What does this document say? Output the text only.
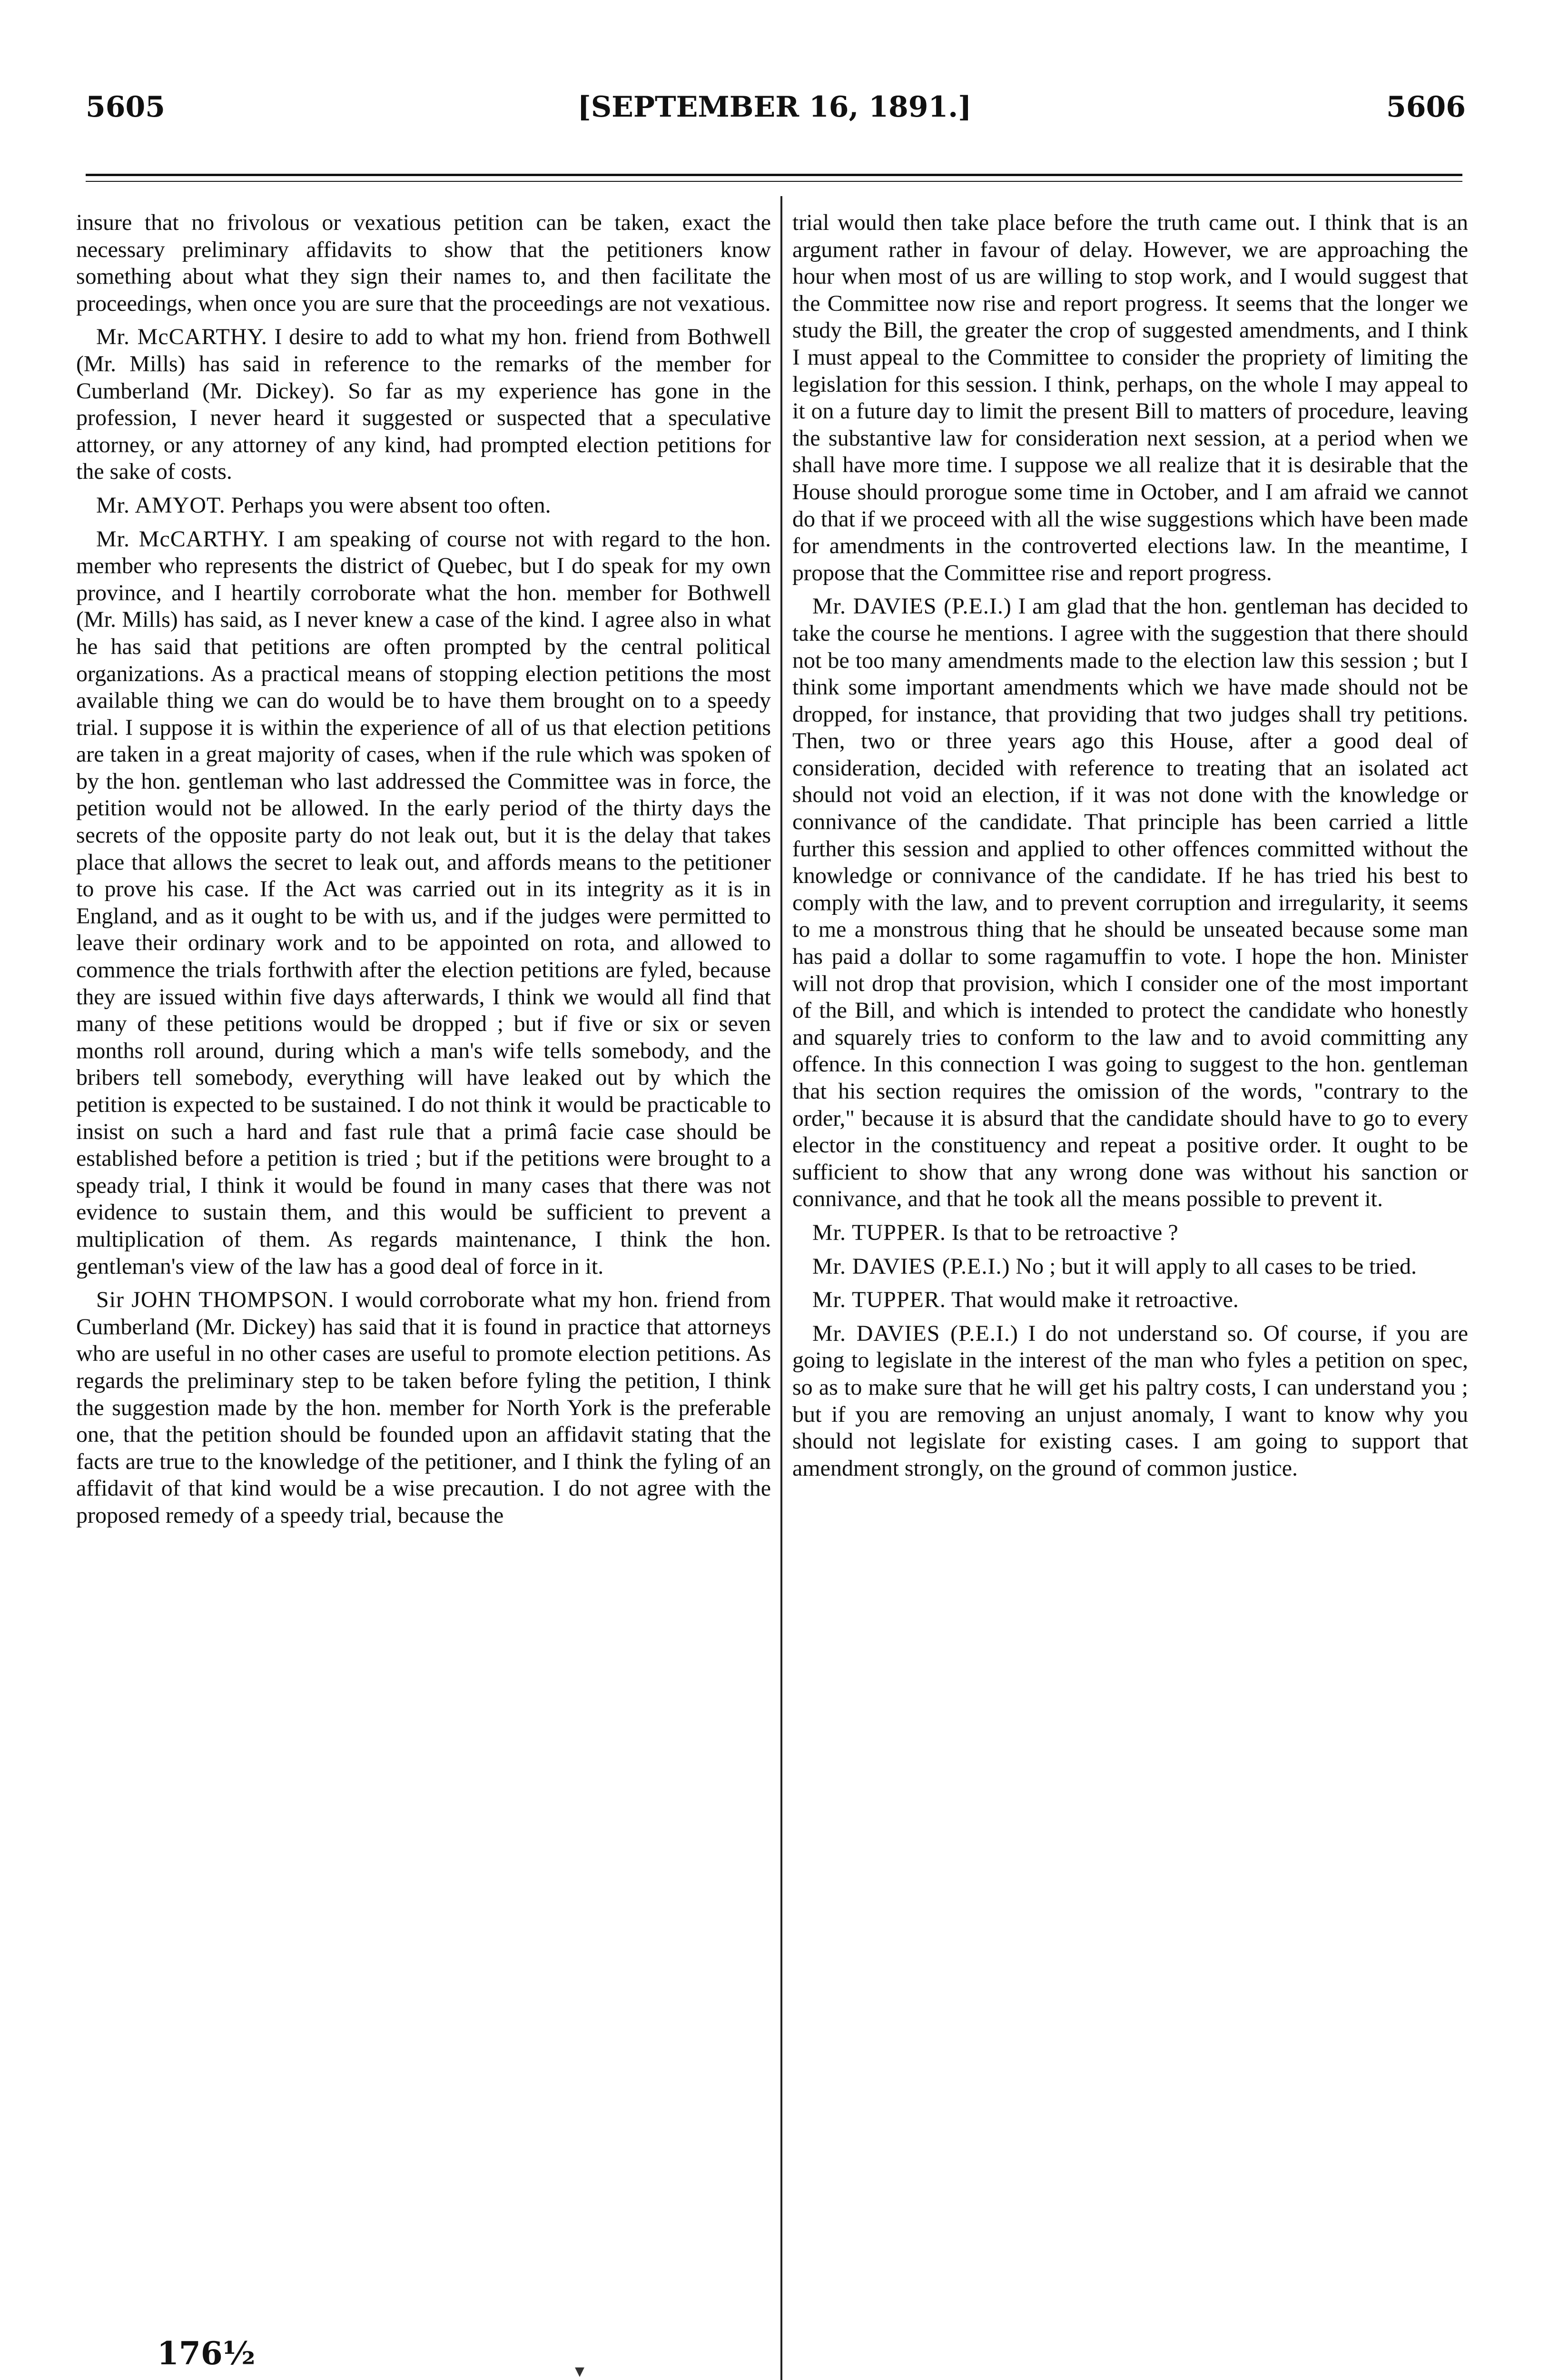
5605	[SEPTEMBER 16, 1891.]	5606

insure that no frivolous or vexatious petition can be taken, exact the necessary preliminary affidavits to show that the petitioners know something about what they sign their names to, and then facilitate the proceedings, when once you are sure that the proceedings are not vexatious.

Mr. McCARTHY. I desire to add to what my hon. friend from Bothwell (Mr. Mills) has said in reference to the remarks of the member for Cumberland (Mr. Dickey). So far as my experience has gone in the profession, I never heard it suggested or suspected that a speculative attorney, or any attorney of any kind, had prompted election petitions for the sake of costs.

Mr. AMYOT. Perhaps you were absent too often.

Mr. McCARTHY. I am speaking of course not with regard to the hon. member who represents the district of Quebec, but I do speak for my own province, and I heartily corroborate what the hon. member for Bothwell (Mr. Mills) has said, as I never knew a case of the kind. I agree also in what he has said that petitions are often prompted by the central political organizations. As a practical means of stopping election petitions the most available thing we can do would be to have them brought on to a speedy trial. I suppose it is within the experience of all of us that election petitions are taken in a great majority of cases, when if the rule which was spoken of by the hon. gentleman who last addressed the Committee was in force, the petition would not be allowed. In the early period of the thirty days the secrets of the opposite party do not leak out, but it is the delay that takes place that allows the secret to leak out, and affords means to the petitioner to prove his case. If the Act was carried out in its integrity as it is in England, and as it ought to be with us, and if the judges were permitted to leave their ordinary work and to be appointed on rota, and allowed to commence the trials forthwith after the election petitions are fyled, because they are issued within five days afterwards, I think we would all find that many of these petitions would be dropped ; but if five or six or seven months roll around, during which a man's wife tells somebody, and the bribers tell somebody, everything will have leaked out by which the petition is expected to be sustained. I do not think it would be practicable to insist on such a hard and fast rule that a primâ facie case should be established before a petition is tried ; but if the petitions were brought to a speady trial, I think it would be found in many cases that there was not evidence to sustain them, and this would be sufficient to prevent a multiplication of them. As regards maintenance, I think the hon. gentleman's view of the law has a good deal of force in it.

Sir JOHN THOMPSON. I would corroborate what my hon. friend from Cumberland (Mr. Dickey) has said that it is found in practice that attorneys who are useful in no other cases are useful to promote election petitions. As regards the preliminary step to be taken before fyling the petition, I think the suggestion made by the hon. member for North York is the preferable one, that the petition should be founded upon an affidavit stating that the facts are true to the knowledge of the petitioner, and I think the fyling of an affidavit of that kind would be a wise precaution. I do not agree with the proposed remedy of a speedy trial, because the

trial would then take place before the truth came out. I think that is an argument rather in favour of delay. However, we are approaching the hour when most of us are willing to stop work, and I would suggest that the Committee now rise and report progress. It seems that the longer we study the Bill, the greater the crop of suggested amendments, and I think I must appeal to the Committee to consider the propriety of limiting the legislation for this session. I think, perhaps, on the whole I may appeal to it on a future day to limit the present Bill to matters of procedure, leaving the substantive law for consideration next session, at a period when we shall have more time. I suppose we all realize that it is desirable that the House should prorogue some time in October, and I am afraid we cannot do that if we proceed with all the wise suggestions which have been made for amendments in the controverted elections law. In the meantime, I propose that the Committee rise and report progress.

Mr. DAVIES (P.E.I.) I am glad that the hon. gentleman has decided to take the course he mentions. I agree with the suggestion that there should not be too many amendments made to the election law this session ; but I think some important amendments which we have made should not be dropped, for instance, that providing that two judges shall try petitions. Then, two or three years ago this House, after a good deal of consideration, decided with reference to treating that an isolated act should not void an election, if it was not done with the knowledge or connivance of the candidate. That principle has been carried a little further this session and applied to other offences committed without the knowledge or connivance of the candidate. If he has tried his best to comply with the law, and to prevent corruption and irregularity, it seems to me a monstrous thing that he should be unseated because some man has paid a dollar to some ragamuffin to vote. I hope the hon. Minister will not drop that provision, which I consider one of the most important of the Bill, and which is intended to protect the candidate who honestly and squarely tries to conform to the law and to avoid committing any offence. In this connection I was going to suggest to the hon. gentleman that his section requires the omission of the words, "contrary to the order," because it is absurd that the candidate should have to go to every elector in the constituency and repeat a positive order. It ought to be sufficient to show that any wrong done was without his sanction or connivance, and that he took all the means possible to prevent it.

Mr. TUPPER. Is that to be retroactive ?

Mr. DAVIES (P.E.I.) No ; but it will apply to all cases to be tried.

Mr. TUPPER. That would make it retroactive.

Mr. DAVIES (P.E.I.) I do not understand so. Of course, if you are going to legislate in the interest of the man who fyles a petition on spec, so as to make sure that he will get his paltry costs, I can understand you ; but if you are removing an unjust anomaly, I want to know why you should not legislate for existing cases. I am going to support that amendment strongly, on the ground of common justice.

176½	▾
